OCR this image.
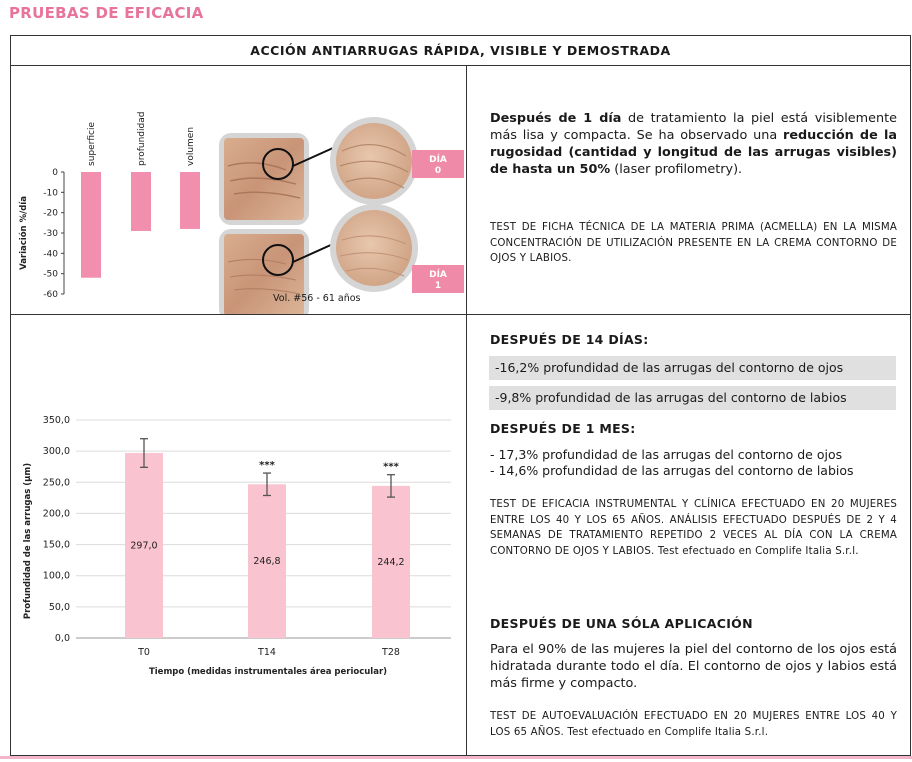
PRUEBAS DE EFICACIA
ACCIÓN ANTIARRUGAS RÁPIDA, VISIBLE Y DEMOSTRADA
0
-10
-20
-30
-40
-50
-60
Variación %/día
superficie	profundidad	volumen	DÍA
0
DÍA
1
Vol. #56 - 61 años
Después de 1 día de tratamiento la piel está visiblemente más lisa y compacta. Se ha observado una reducción de la rugosidad (cantidad y longitud de las arrugas visibles) de hasta un 50% (laser profilometry).
TEST DE FICHA TÉCNICA DE LA MATERIA PRIMA (ACMELLA) EN LA MISMA CONCENTRACIÓN DE UTILIZACIÓN PRESENTE EN LA CREMA CONTORNO DE OJOS Y LABIOS.
0,0
50,0
100,0
150,0
200,0
250,0
300,0
350,0
Profundidad de las arrugas (μm)	297,0
T0
246,8
***
T14
244,2
***
T28
Tiempo (medidas instrumentales área periocular)
DESPUÉS DE 14 DÍAS:
-16,2% profundidad de las arrugas del contorno de ojos
-9,8% profundidad de las arrugas del contorno de labios
DESPUÉS DE 1 MES:
- 17,3% profundidad de las arrugas del contorno de ojos
- 14,6% profundidad de las arrugas del contorno de labios
TEST DE EFICACIA INSTRUMENTAL Y CLÍNICA EFECTUADO EN 20 MUJERES ENTRE LOS 40 Y LOS 65 AÑOS. ANÁLISIS EFECTUADO DESPUÉS DE 2 Y 4 SEMANAS DE TRATAMIENTO REPETIDO 2 VECES AL DÍA CON LA CREMA CONTORNO DE OJOS Y LABIOS. Test efectuado en Complife Italia S.r.l.
DESPUÉS DE UNA SÓLA APLICACIÓN
Para el 90% de las mujeres la piel del contorno de los ojos está hidratada durante todo el día. El contorno de ojos y labios está más firme y compacto.
TEST DE AUTOEVALUACIÓN EFECTUADO EN 20 MUJERES ENTRE LOS 40 Y LOS 65 AÑOS. Test efectuado en Complife Italia S.r.l.
